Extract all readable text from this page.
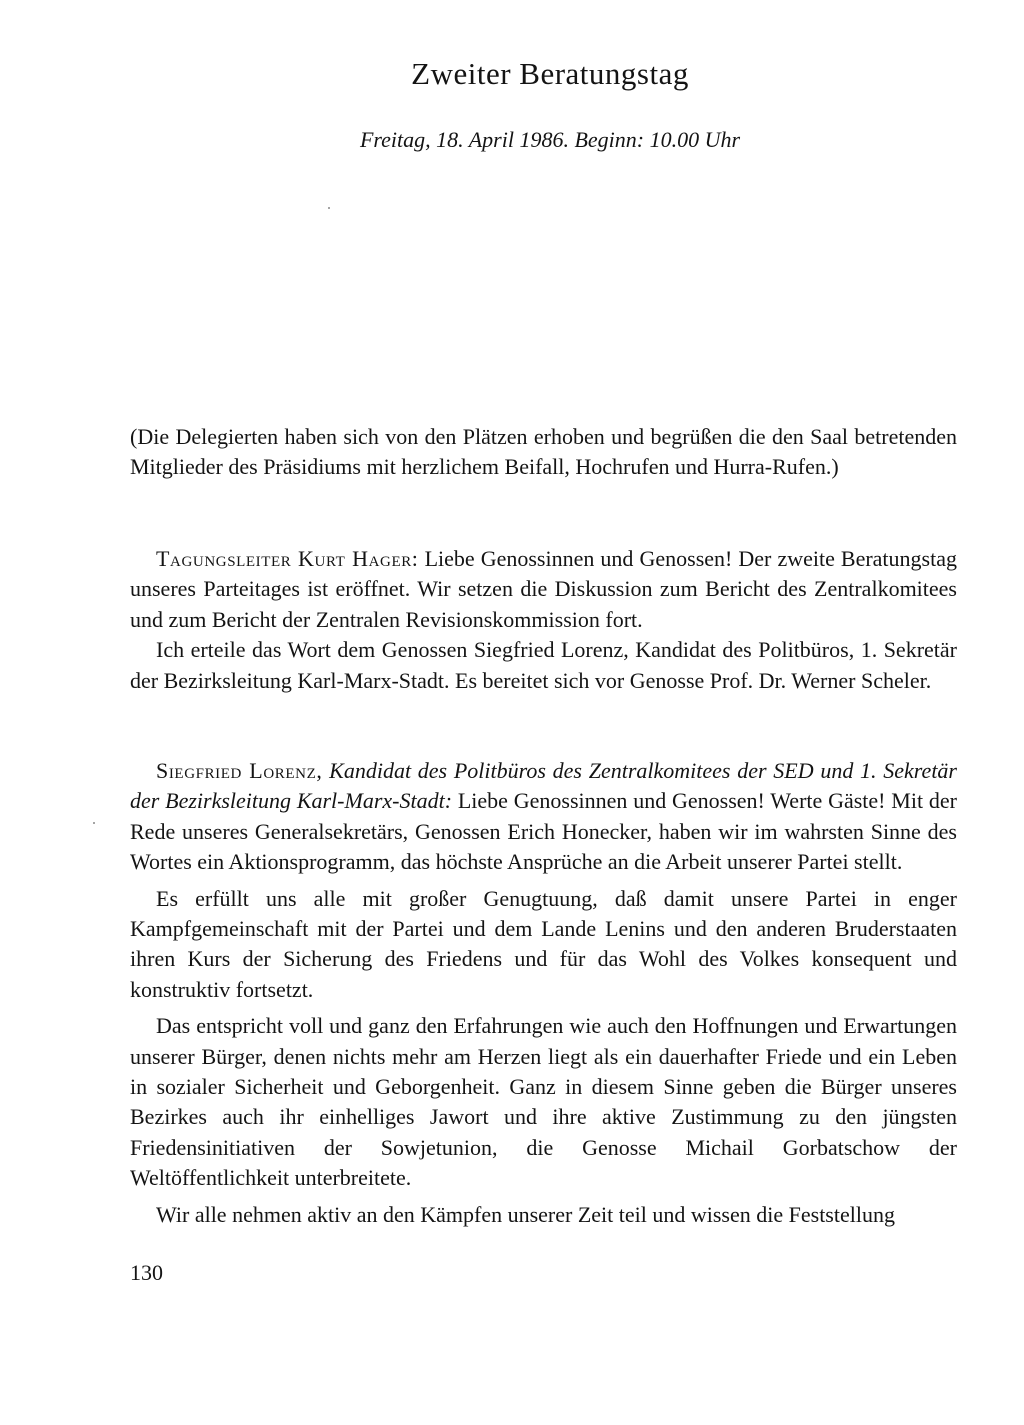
Zweiter Beratungstag
Freitag, 18. April 1986. Beginn: 10.00 Uhr

(Die Delegierten haben sich von den Plätzen erhoben und begrüßen die den Saal betretenden Mitglieder des Präsidiums mit herzlichem Beifall, Hochrufen und Hurra-Rufen.)

Tagungsleiter Kurt Hager: Liebe Genossinnen und Genossen! Der zweite Beratungstag unseres Parteitages ist eröffnet. Wir setzen die Diskussion zum Bericht des Zentralkomitees und zum Bericht der Zentralen Revisionskommission fort.

Ich erteile das Wort dem Genossen Siegfried Lorenz, Kandidat des Politbüros, 1. Sekretär der Bezirksleitung Karl-Marx-Stadt. Es bereitet sich vor Genosse Prof. Dr. Werner Scheler.

Siegfried Lorenz, Kandidat des Politbüros des Zentralkomitees der SED und 1. Sekretär der Bezirksleitung Karl-Marx-Stadt: Liebe Genossinnen und Genossen! Werte Gäste! Mit der Rede unseres Generalsekretärs, Genossen Erich Honecker, haben wir im wahrsten Sinne des Wortes ein Aktionsprogramm, das höchste Ansprüche an die Arbeit unserer Partei stellt.

Es erfüllt uns alle mit großer Genugtuung, daß damit unsere Partei in enger Kampfgemeinschaft mit der Partei und dem Lande Lenins und den anderen Bruderstaaten ihren Kurs der Sicherung des Friedens und für das Wohl des Volkes konsequent und konstruktiv fortsetzt.

Das entspricht voll und ganz den Erfahrungen wie auch den Hoffnungen und Erwartungen unserer Bürger, denen nichts mehr am Herzen liegt als ein dauerhafter Friede und ein Leben in sozialer Sicherheit und Geborgenheit. Ganz in diesem Sinne geben die Bürger unseres Bezirkes auch ihr einhelliges Jawort und ihre aktive Zustimmung zu den jüngsten Friedensinitiativen der Sowjetunion, die Genosse Michail Gorbatschow der Weltöffentlichkeit unterbreitete.

Wir alle nehmen aktiv an den Kämpfen unserer Zeit teil und wissen die Feststellung

130
